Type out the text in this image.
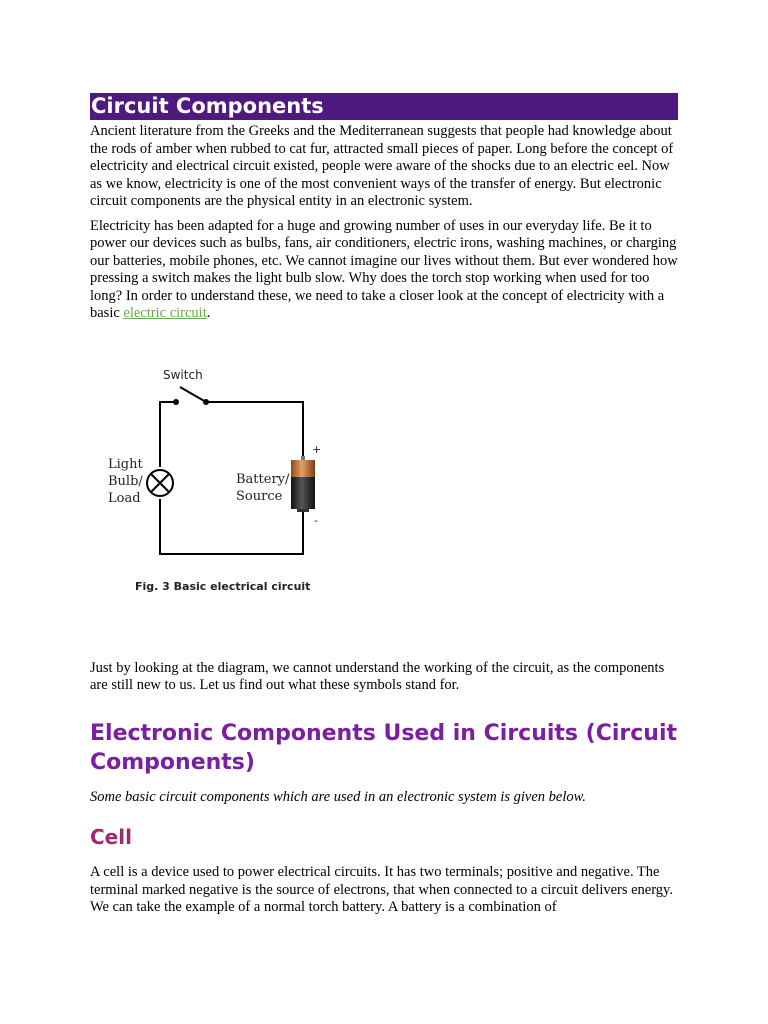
Circuit Components

Ancient literature from the Greeks and the Mediterranean suggests that people had knowledge about the rods of amber when rubbed to cat fur, attracted small pieces of paper. Long before the concept of electricity and electrical circuit existed, people were aware of the shocks due to an electric eel. Now as we know, electricity is one of the most convenient ways of the transfer of energy. But electronic circuit components are the physical entity in an electronic system.

Electricity has been adapted for a huge and growing number of uses in our everyday life. Be it to power our devices such as bulbs, fans, air conditioners, electric irons, washing machines, or charging our batteries, mobile phones, etc. We cannot imagine our lives without them. But ever wondered how pressing a switch makes the light bulb slow. Why does the torch stop working when used for too long? In order to understand these, we need to take a closer look at the concept of electricity with a basic electric circuit.

Switch
Light
Bulb/
Load
Battery/
Source
+
-
Fig. 3 Basic electrical circuit

Just by looking at the diagram, we cannot understand the working of the circuit, as the components are still new to us. Let us find out what these symbols stand for.

Electronic Components Used in Circuits (Circuit Components)

Some basic circuit components which are used in an electronic system is given below.

Cell

A cell is a device used to power electrical circuits. It has two terminals; positive and negative. The terminal marked negative is the source of electrons, that when connected to a circuit delivers energy. We can take the example of a normal torch battery. A battery is a combination of
